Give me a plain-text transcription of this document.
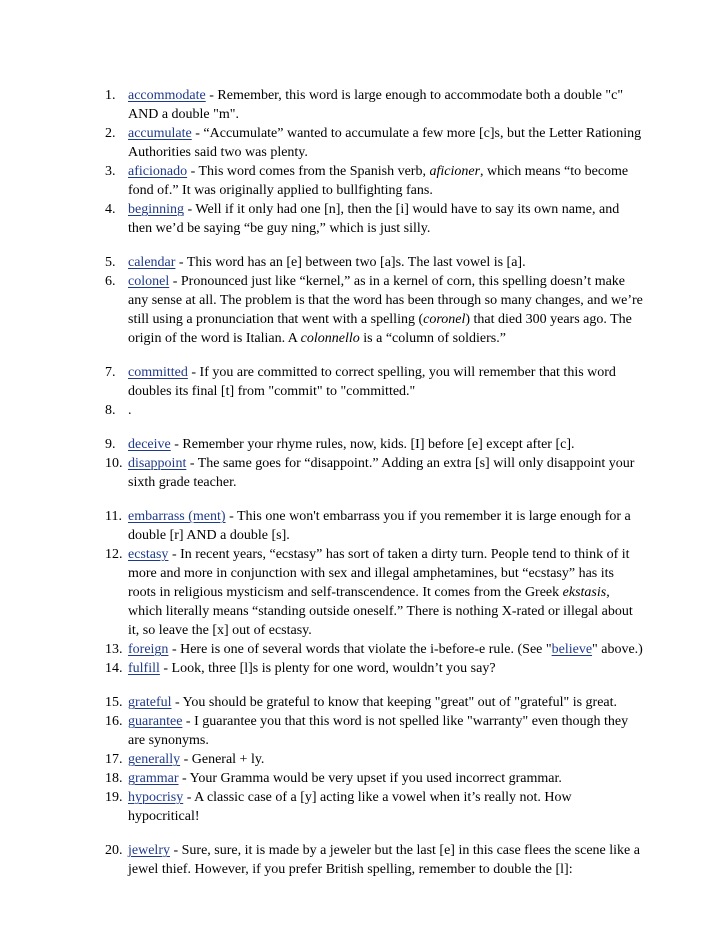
1. accommodate - Remember, this word is large enough to accommodate both a double "c" AND a double "m".
2. accumulate - “Accumulate” wanted to accumulate a few more [c]s, but the Letter Rationing Authorities said two was plenty.
3. aficionado - This word comes from the Spanish verb, aficioner, which means “to become fond of.” It was originally applied to bullfighting fans.
4. beginning - Well if it only had one [n], then the [i] would have to say its own name, and then we’d be saying “be guy ning,” which is just silly.
5. calendar - This word has an [e] between two [a]s. The last vowel is [a].
6. colonel - Pronounced just like “kernel,” as in a kernel of corn, this spelling doesn’t make any sense at all. The problem is that the word has been through so many changes, and we’re still using a pronunciation that went with a spelling (coronel) that died 300 years ago. The origin of the word is Italian. A colonnello is a “column of soldiers.”
7. committed - If you are committed to correct spelling, you will remember that this word doubles its final [t] from "commit" to "committed."
8. .
9. deceive - Remember your rhyme rules, now, kids. [I] before [e] except after [c].
10. disappoint - The same goes for “disappoint.” Adding an extra [s] will only disappoint your sixth grade teacher.
11. embarrass (ment) - This one won't embarrass you if you remember it is large enough for a double [r] AND a double [s].
12. ecstasy - In recent years, “ecstasy” has sort of taken a dirty turn. People tend to think of it more and more in conjunction with sex and illegal amphetamines, but “ecstasy” has its roots in religious mysticism and self-transcendence. It comes from the Greek ekstasis, which literally means “standing outside oneself.” There is nothing X-rated or illegal about it, so leave the [x] out of ecstasy.
13. foreign - Here is one of several words that violate the i-before-e rule. (See "believe" above.)
14. fulfill - Look, three [l]s is plenty for one word, wouldn’t you say?
15. grateful - You should be grateful to know that keeping "great" out of "grateful" is great.
16. guarantee - I guarantee you that this word is not spelled like "warranty" even though they are synonyms.
17. generally - General + ly.
18. grammar - Your Gramma would be very upset if you used incorrect grammar.
19. hypocrisy - A classic case of a [y] acting like a vowel when it’s really not. How hypocritical!
20. jewelry - Sure, sure, it is made by a jeweler but the last [e] in this case flees the scene like a jewel thief. However, if you prefer British spelling, remember to double the [l]:
